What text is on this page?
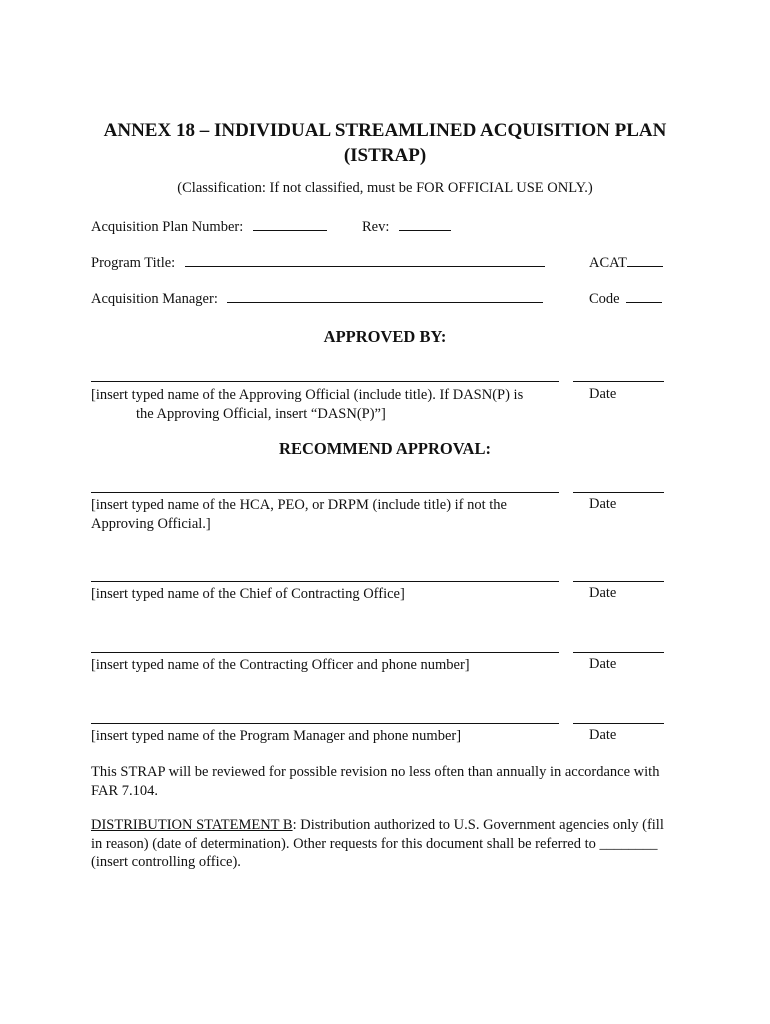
ANNEX 18 – INDIVIDUAL STREAMLINED ACQUISITION PLAN (ISTRAP)
(Classification: If not classified, must be FOR OFFICIAL USE ONLY.)
Acquisition Plan Number:	Rev:
Program Title:	ACAT
Acquisition Manager:	Code
APPROVED BY:
[insert typed name of the Approving Official (include title). If DASN(P) is
the Approving Official, insert “DASN(P)”]
Date
RECOMMEND APPROVAL:
[insert typed name of the HCA, PEO, or DRPM (include title) if not the Approving Official.]
Date
[insert typed name of the Chief of Contracting Office]	Date
[insert typed name of the Contracting Officer and phone number]	Date
[insert typed name of the Program Manager and phone number]	Date
This STRAP will be reviewed for possible revision no less often than annually in accordance with FAR 7.104.
DISTRIBUTION STATEMENT B: Distribution authorized to U.S. Government agencies only (fill in reason) (date of determination). Other requests for this document shall be referred to ________ (insert controlling office).
